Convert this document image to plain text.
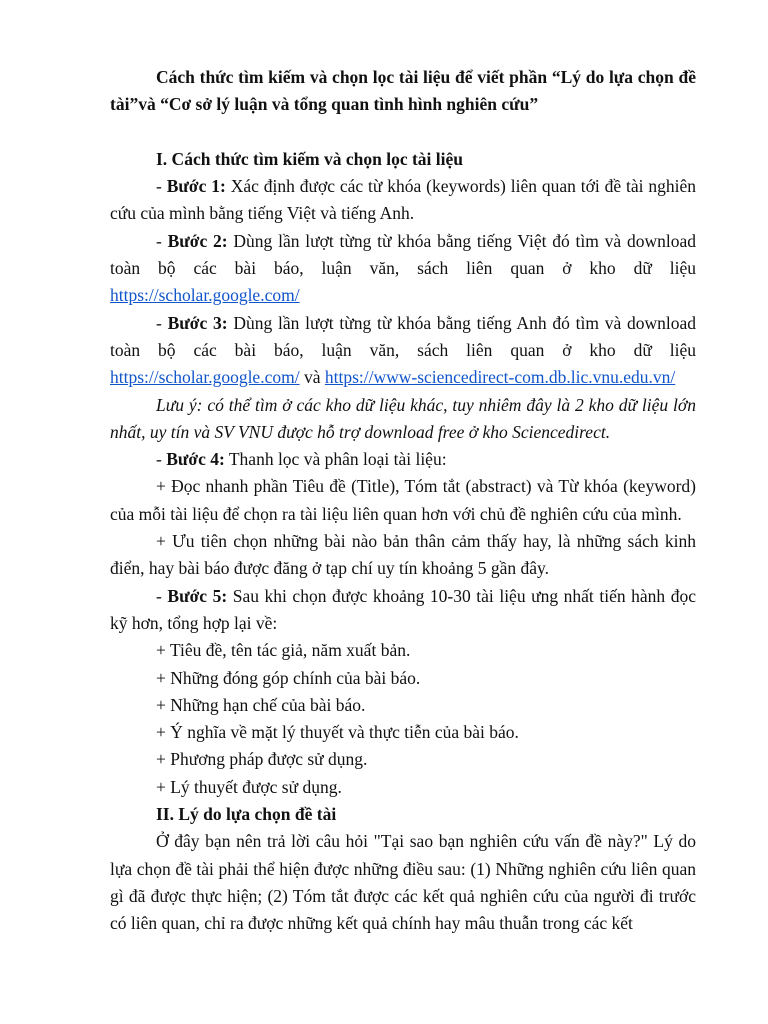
Cách thức tìm kiếm và chọn lọc tài liệu để viết phần “Lý do lựa chọn đề tài”và “Cơ sở lý luận và tổng quan tình hình nghiên cứu”

I. Cách thức tìm kiếm và chọn lọc tài liệu

- Bước 1: Xác định được các từ khóa (keywords) liên quan tới đề tài nghiên cứu của mình bằng tiếng Việt và tiếng Anh.

- Bước 2: Dùng lần lượt từng từ khóa bằng tiếng Việt đó tìm và download toàn bộ các bài báo, luận văn, sách liên quan ở kho dữ liệu https://scholar.google.com/

- Bước 3: Dùng lần lượt từng từ khóa bằng tiếng Anh đó tìm và download toàn bộ các bài báo, luận văn, sách liên quan ở kho dữ liệu https://scholar.google.com/ và https://www-sciencedirect-com.db.lic.vnu.edu.vn/

Lưu ý: có thể tìm ở các kho dữ liệu khác, tuy nhiêm đây là 2 kho dữ liệu lớn nhất, uy tín và SV VNU được hỗ trợ download free ở kho Sciencedirect.

- Bước 4: Thanh lọc và phân loại tài liệu:

+ Đọc nhanh phần Tiêu đề (Title), Tóm tắt (abstract) và Từ khóa (keyword) của mỗi tài liệu để chọn ra tài liệu liên quan hơn với chủ đề nghiên cứu của mình.

+ Ưu tiên chọn những bài nào bản thân cảm thấy hay, là những sách kinh điển, hay bài báo được đăng ở tạp chí uy tín khoảng 5 gần đây.

- Bước 5: Sau khi chọn được khoảng 10-30 tài liệu ưng nhất tiến hành đọc kỹ hơn, tổng hợp lại về:

+ Tiêu đề, tên tác giả, năm xuất bản.

+ Những đóng góp chính của bài báo.

+ Những hạn chế của bài báo.

+ Ý nghĩa về mặt lý thuyết và thực tiễn của bài báo.

+ Phương pháp được sử dụng.

+ Lý thuyết được sử dụng.

II. Lý do lựa chọn đề tài

Ở đây bạn nên trả lời câu hỏi "Tại sao bạn nghiên cứu vấn đề này?" Lý do lựa chọn đề tài phải thể hiện được những điều sau: (1) Những nghiên cứu liên quan gì đã được thực hiện; (2) Tóm tắt được các kết quả nghiên cứu của người đi trước có liên quan, chỉ ra được những kết quả chính hay mâu thuẫn trong các kết
